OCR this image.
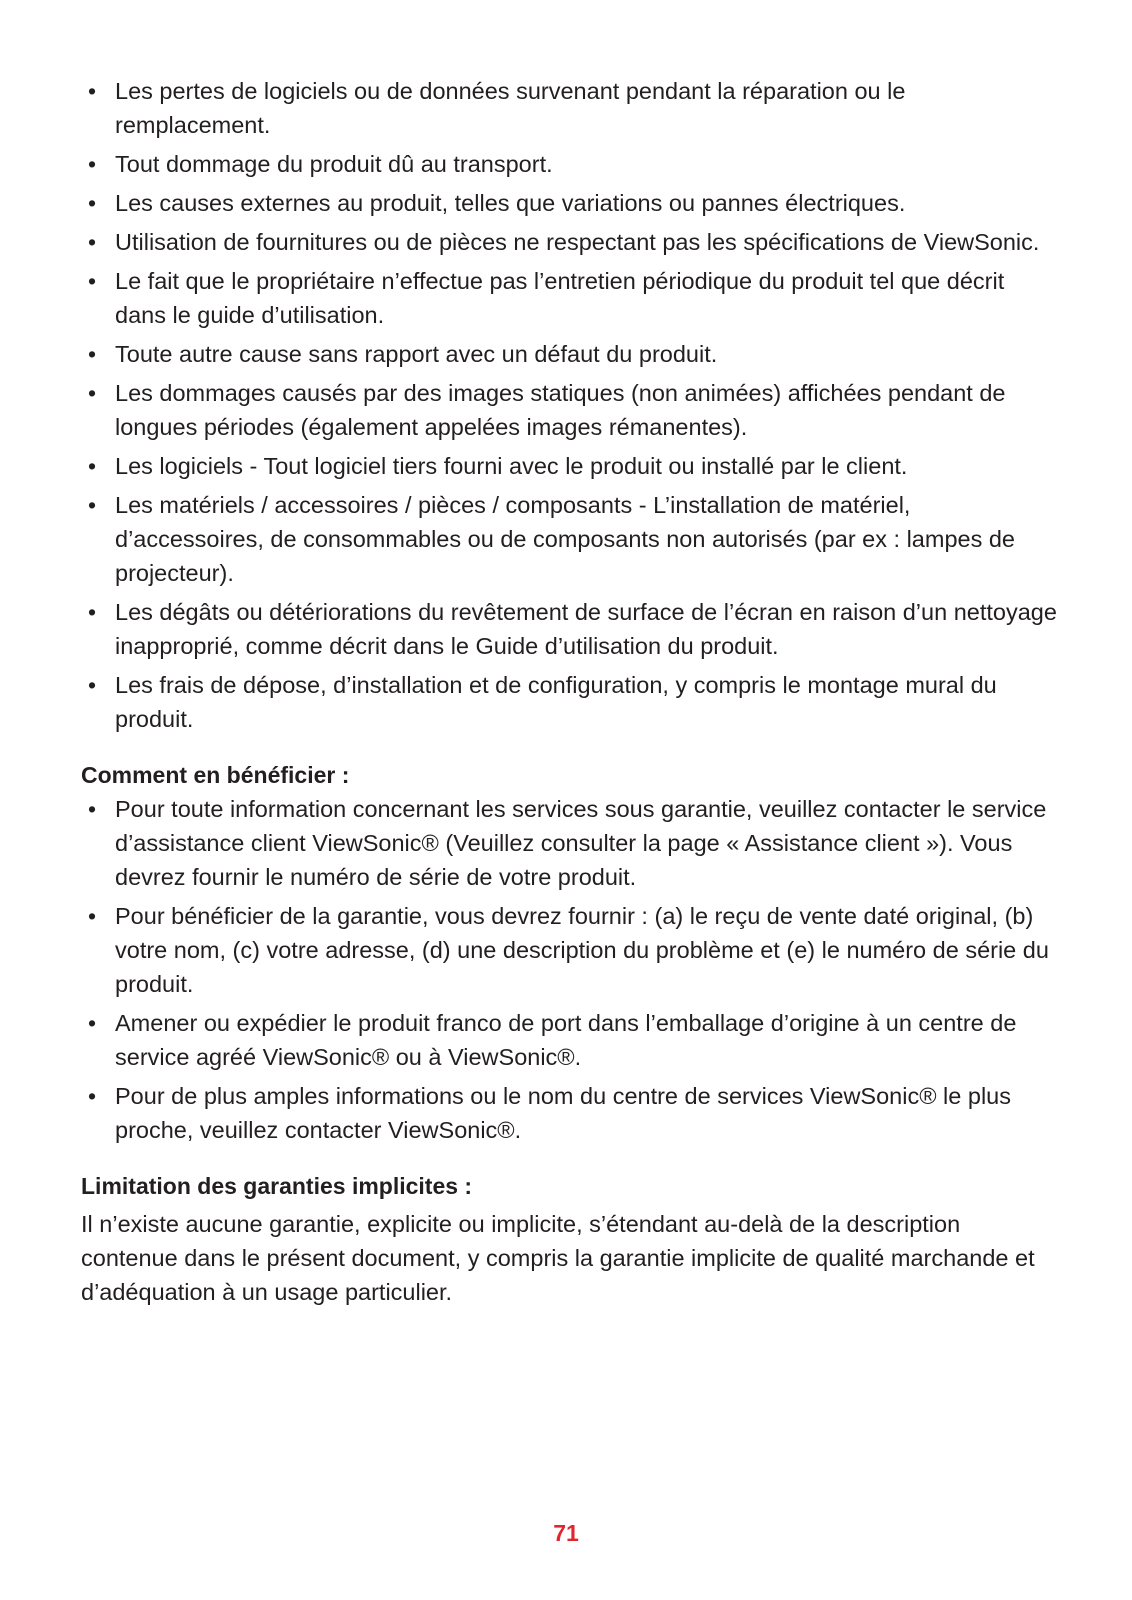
• Les pertes de logiciels ou de données survenant pendant la réparation ou le remplacement.
• Tout dommage du produit dû au transport.
• Les causes externes au produit, telles que variations ou pannes électriques.
• Utilisation de fournitures ou de pièces ne respectant pas les spécifications de ViewSonic.
• Le fait que le propriétaire n’effectue pas l’entretien périodique du produit tel que décrit dans le guide d’utilisation.
• Toute autre cause sans rapport avec un défaut du produit.
• Les dommages causés par des images statiques (non animées) affichées pendant de longues périodes (également appelées images rémanentes).
• Les logiciels - Tout logiciel tiers fourni avec le produit ou installé par le client.
• Les matériels / accessoires / pièces / composants - L’installation de matériel, d’accessoires, de consommables ou de composants non autorisés (par ex : lampes de projecteur).
• Les dégâts ou détériorations du revêtement de surface de l’écran en raison d’un nettoyage inapproprié, comme décrit dans le Guide d’utilisation du produit.
• Les frais de dépose, d’installation et de configuration, y compris le montage mural du produit.
Comment en bénéficier :
• Pour toute information concernant les services sous garantie, veuillez contacter le service d’assistance client ViewSonic® (Veuillez consulter la page « Assistance client »). Vous devrez fournir le numéro de série de votre produit.
• Pour bénéficier de la garantie, vous devrez fournir : (a) le reçu de vente daté original, (b) votre nom, (c) votre adresse, (d) une description du problème et (e) le numéro de série du produit.
• Amener ou expédier le produit franco de port dans l’emballage d’origine à un centre de service agréé ViewSonic® ou à ViewSonic®.
• Pour de plus amples informations ou le nom du centre de services ViewSonic® le plus proche, veuillez contacter ViewSonic®.
Limitation des garanties implicites :

Il n’existe aucune garantie, explicite ou implicite, s’étendant au-delà de la description contenue dans le présent document, y compris la garantie implicite de qualité marchande et d’adéquation à un usage particulier.

71
